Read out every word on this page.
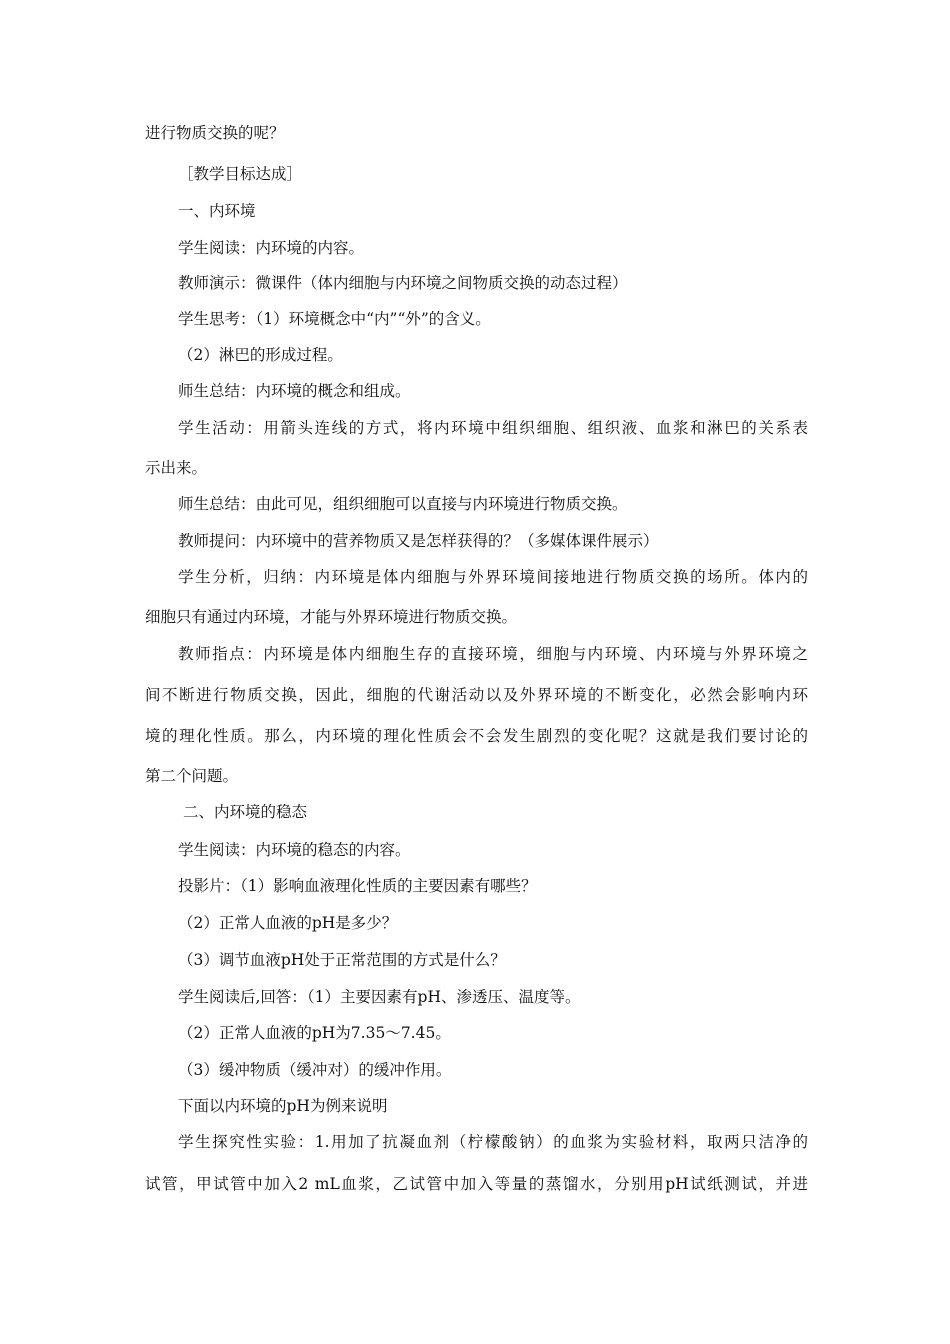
进行物质交换的呢？
［教学目标达成］
一、内环境
学生阅读：内环境的内容。
教师演示：微课件（体内细胞与内环境之间物质交换的动态过程）
学生思考：（1）环境概念中“内”“外”的含义。
（2）淋巴的形成过程。
师生总结：内环境的概念和组成。
学生活动：用箭头连线的方式，将内环境中组织细胞、组织液、血浆和淋巴的关系表
示出来。
师生总结：由此可见，组织细胞可以直接与内环境进行物质交换。
教师提问：内环境中的营养物质又是怎样获得的？（多媒体课件展示）
学生分析，归纳：内环境是体内细胞与外界环境间接地进行物质交换的场所。体内的
细胞只有通过内环境，才能与外界环境进行物质交换。
教师指点：内环境是体内细胞生存的直接环境，细胞与内环境、内环境与外界环境之
间不断进行物质交换，因此，细胞的代谢活动以及外界环境的不断变化，必然会影响内环
境的理化性质。那么，内环境的理化性质会不会发生剧烈的变化呢？这就是我们要讨论的
第二个问题。
二、内环境的稳态
学生阅读：内环境的稳态的内容。
投影片：（1）影响血液理化性质的主要因素有哪些？
（2）正常人血液的pH是多少？
（3）调节血液pH处于正常范围的方式是什么？
学生阅读后,回答：（1）主要因素有pH、渗透压、温度等。
（2）正常人血液的pH为7.35～7.45。
（3）缓冲物质（缓冲对）的缓冲作用。
下面以内环境的pH为例来说明
学生探究性实验：1.用加了抗凝血剂（柠檬酸钠）的血浆为实验材料，取两只洁净的
试管，甲试管中加入2 mL血浆，乙试管中加入等量的蒸馏水，分别用pH试纸测试，并进
